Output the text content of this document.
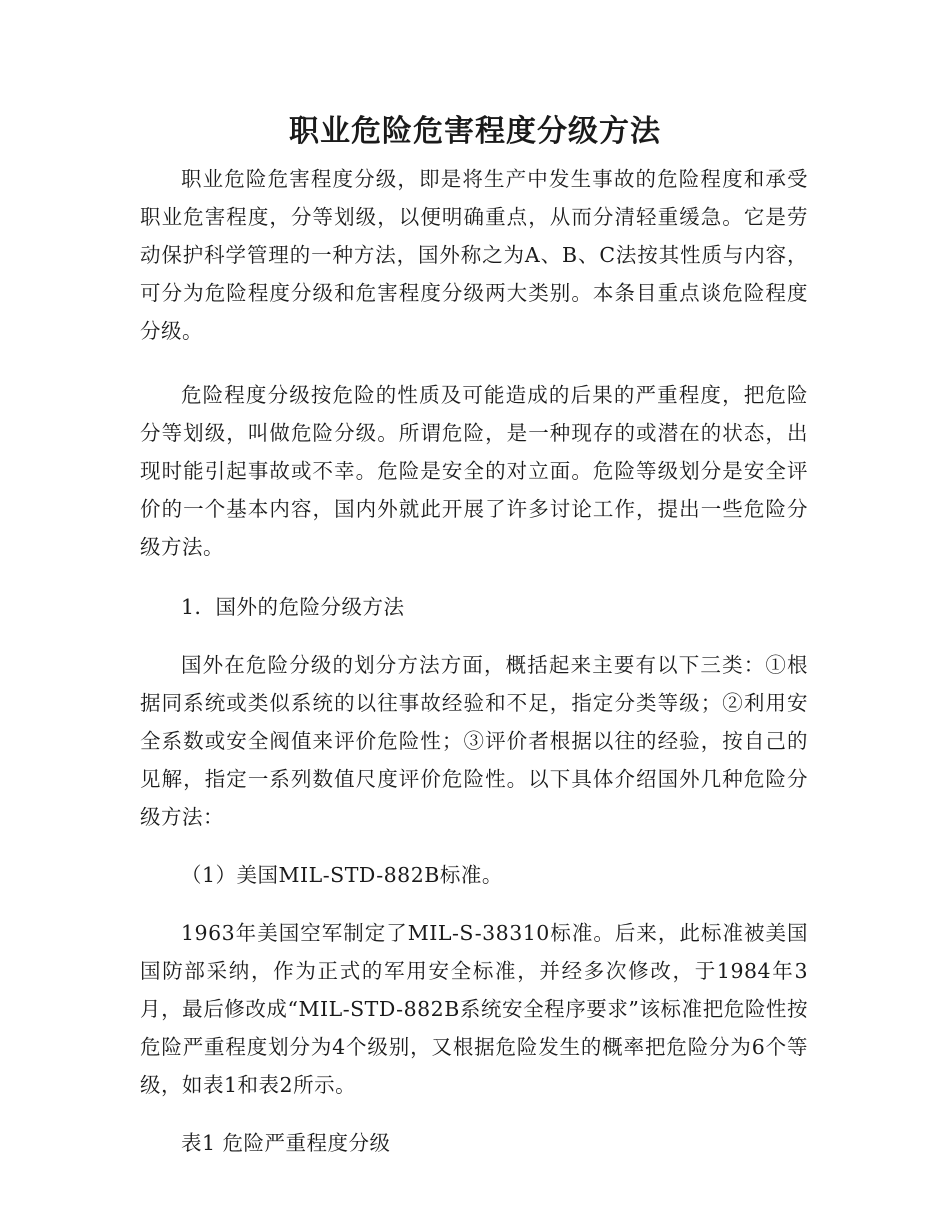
职业危险危害程度分级方法

职业危险危害程度分级，即是将生产中发生事故的危险程度和承受职业危害程度，分等划级，以便明确重点，从而分清轻重缓急。它是劳动保护科学管理的一种方法，国外称之为A、B、C法按其性质与内容，可分为危险程度分级和危害程度分级两大类别。本条目重点谈危险程度分级。

危险程度分级按危险的性质及可能造成的后果的严重程度，把危险分等划级，叫做危险分级。所谓危险，是一种现存的或潜在的状态，出现时能引起事故或不幸。危险是安全的对立面。危险等级划分是安全评价的一个基本内容，国内外就此开展了许多讨论工作，提出一些危险分级方法。

1．国外的危险分级方法

国外在危险分级的划分方法方面，概括起来主要有以下三类：①根据同系统或类似系统的以往事故经验和不足，指定分类等级；②利用安全系数或安全阀值来评价危险性；③评价者根据以往的经验，按自己的见解，指定一系列数值尺度评价危险性。以下具体介绍国外几种危险分级方法：

（1）美国MIL-STD-882B标准。

1963年美国空军制定了MIL-S-38310标准。后来，此标准被美国国防部采纳，作为正式的军用安全标准，并经多次修改，于1984年3月，最后修改成“MIL-STD-882B系统安全程序要求”该标准把危险性按危险严重程度划分为4个级别，又根据危险发生的概率把危险分为6个等级，如表1和表2所示。

表1 危险严重程度分级
